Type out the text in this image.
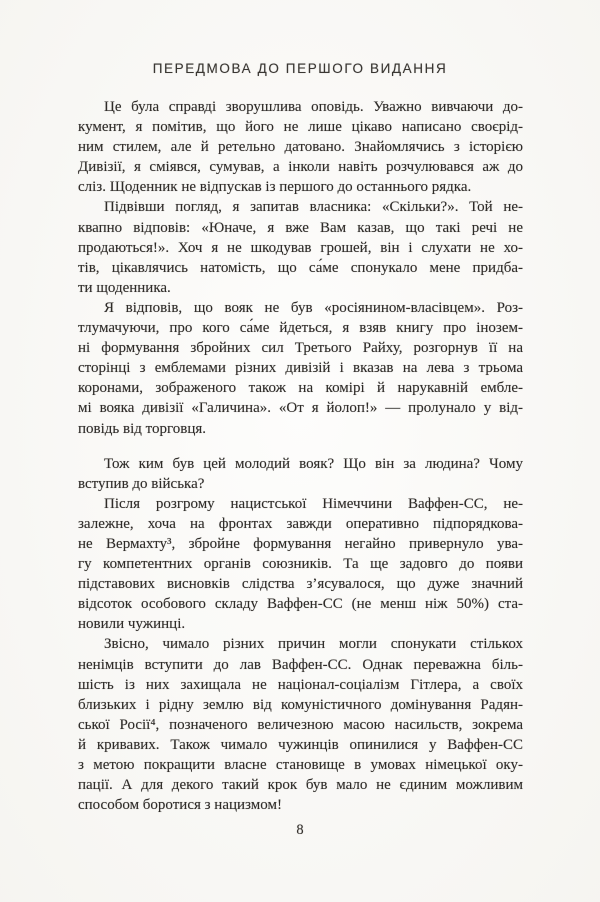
ПЕРЕДМОВА ДО ПЕРШОГО ВИДАННЯ
Це була справді зворушлива оповідь. Уважно вивчаючи до-
кумент, я помітив, що його не лише цікаво написано своєрід-
ним стилем, але й ретельно датовано. Знайомлячись з історією
Дивізії, я сміявся, сумував, а інколи навіть розчулювався аж до
сліз. Щоденник не відпускав із першого до останнього рядка.
Підвівши погляд, я запитав власника: «Скільки?». Той не-
квапно відповів: «Юначе, я вже Вам казав, що такі речі не
продаються!». Хоч я не шкодував грошей, він і слухати не хо-
тів, цікавлячись натомість, що са́ме спонукало мене придба-
ти щоденника.
Я відповів, що вояк не був «росіянином-власівцем». Роз-
тлумачуючи, про кого са́ме йдеться, я взяв книгу про інозем-
ні формування збройних сил Третього Райху, розгорнув її на
сторінці з емблемами різних дивізій і вказав на лева з трьома
коронами, зображеного також на комірі й нарукавній ембле-
мі вояка дивізії «Галичина». «От я йолоп!» — пролунало у від-
повідь від торговця.
Тож ким був цей молодий вояк? Що він за людина? Чому
вступив до війська?
Після розгрому нацистської Німеччини Ваффен-СС, не-
залежне, хоча на фронтах завжди оперативно підпорядкова-
не Вермахту³, збройне формування негайно привернуло ува-
гу компетентних органів союзників. Та ще задовго до появи
підставових висновків слідства з’ясувалося, що дуже значний
відсоток особового складу Ваффен-СС (не менш ніж 50%) ста-
новили чужинці.
Звісно, чимало різних причин могли спонукати стількох
ненімців вступити до лав Ваффен-СС. Однак переважна біль-
шість із них захищала не націонал-соціалізм Гітлера, а своїх
близьких і рідну землю від комуністичного домінування Радян-
ської Росії⁴, позначеного величезною масою насильств, зокрема
й кривавих. Також чимало чужинців опинилися у Ваффен-СС
з метою покращити власне становище в умовах німецької оку-
пації. А для декого такий крок був мало не єдиним можливим
способом боротися з нацизмом!
8
